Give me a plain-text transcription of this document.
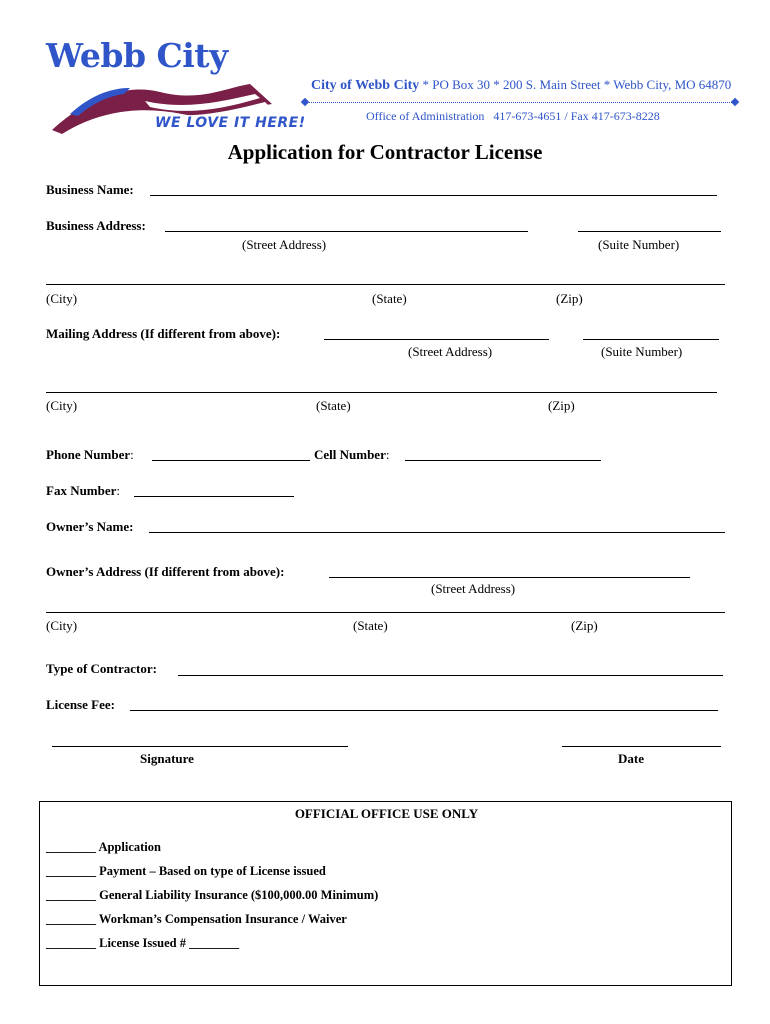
Webb City
WE LOVE IT HERE!
City of Webb City * PO Box 30 * 200 S. Main Street * Webb City, MO 64870
Office of Administration   417-673-4651 / Fax 417-673-8228
Application for Contractor License
Business Name:
Business Address:
(Street Address)	(Suite Number)
(City)	(State)	(Zip)
Mailing Address (If different from above):
(Street Address)	(Suite Number)
(City)	(State)	(Zip)
Phone Number:	Cell Number:
Fax Number:
Owner’s Name:
Owner’s Address (If different from above):
(Street Address)
(City)	(State)	(Zip)
Type of Contractor:
License Fee:
Signature	Date
OFFICIAL OFFICE USE ONLY
________ Application
________ Payment – Based on type of License issued
________ General Liability Insurance ($100,000.00 Minimum)
________ Workman’s Compensation Insurance / Waiver
________ License Issued # ________
